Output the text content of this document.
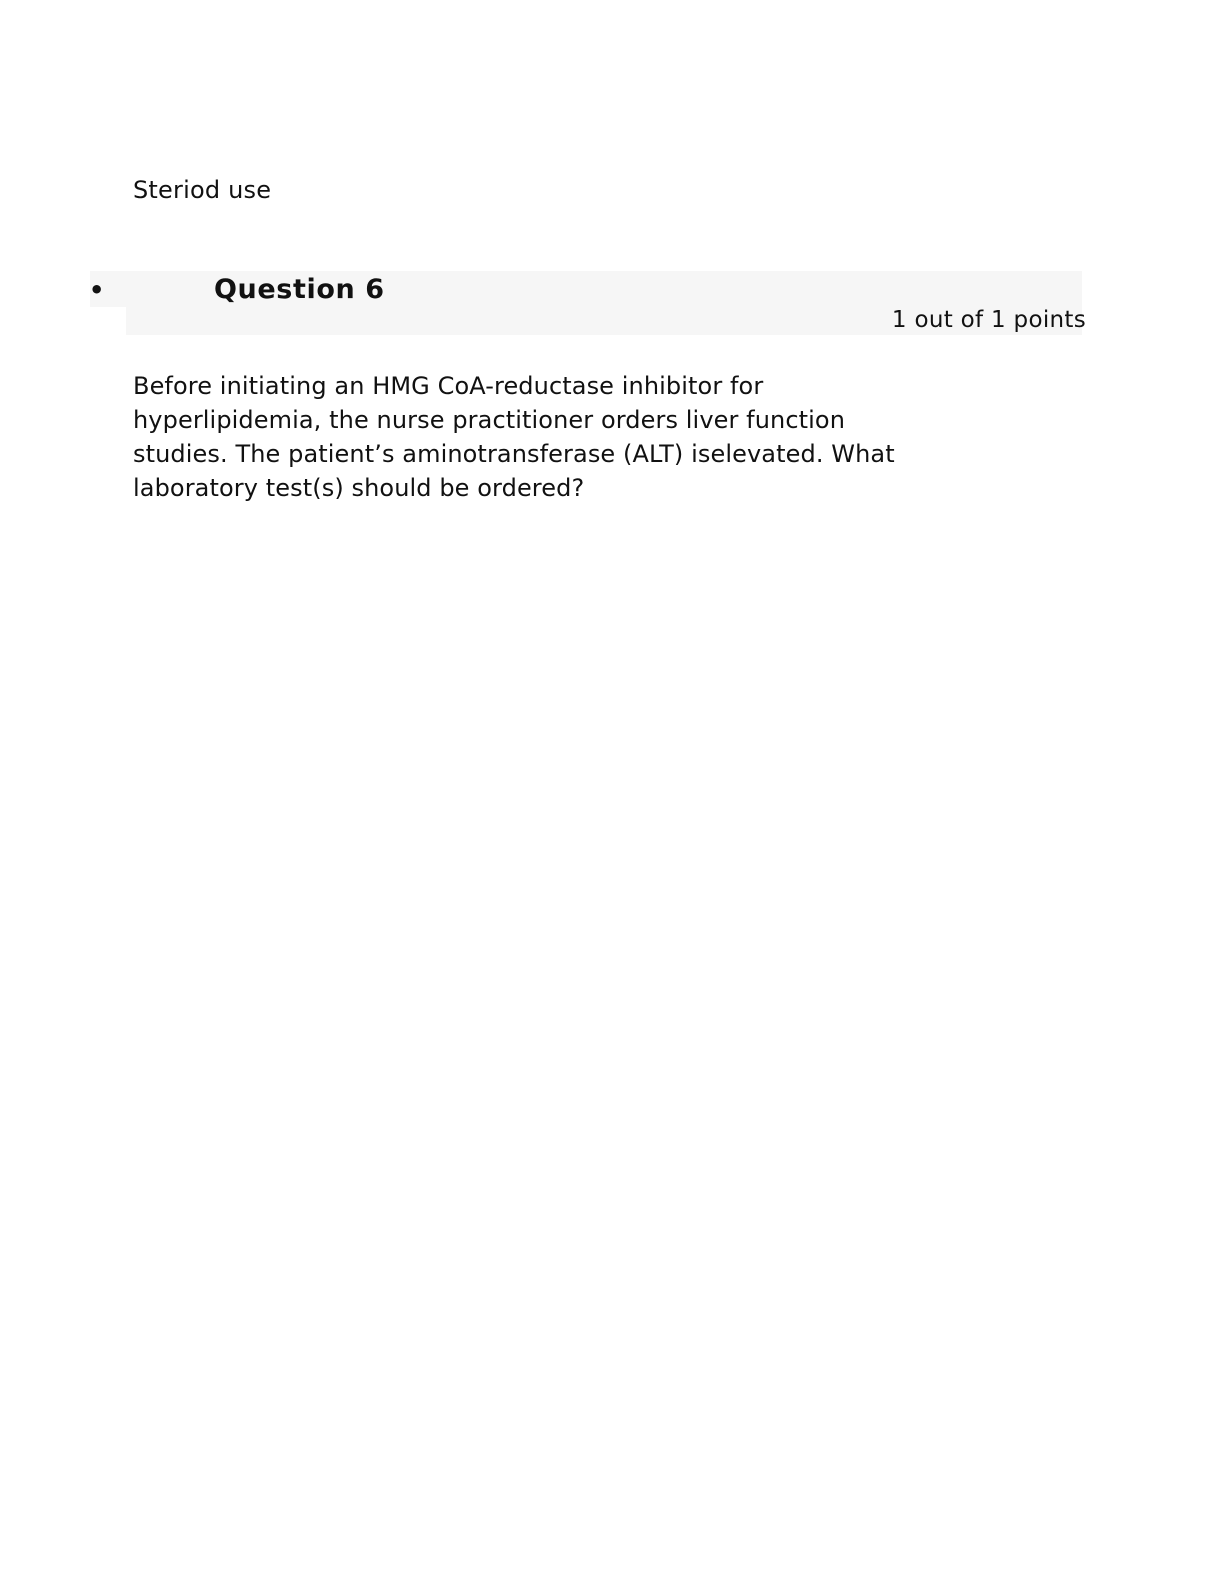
Steriod use
•	Question 6
1 out of 1 points
Before initiating an HMG CoA-reductase inhibitor for
hyperlipidemia, the nurse practitioner orders liver function
studies. The patient’s aminotransferase (ALT) iselevated. What
laboratory test(s) should be ordered?
